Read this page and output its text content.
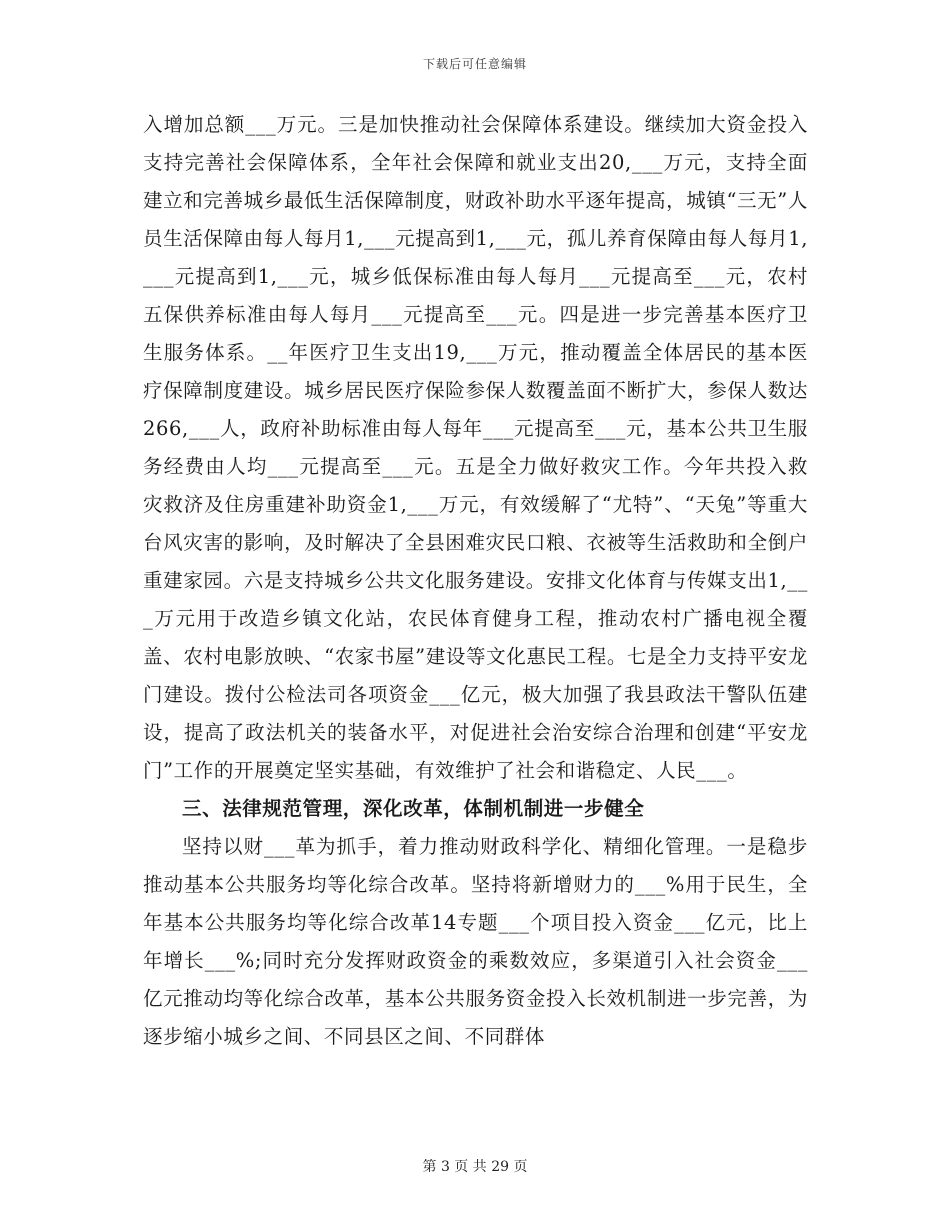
下载后可任意编辑

入增加总额___万元。三是加快推动社会保障体系建设。继续加大资金投入支持完善社会保障体系，全年社会保障和就业支出20,___万元，支持全面建立和完善城乡最低生活保障制度，财政补助水平逐年提高，城镇“三无”人员生活保障由每人每月1,___元提高到1,___元，孤儿养育保障由每人每月1,___元提高到1,___元，城乡低保标准由每人每月___元提高至___元，农村五保供养标准由每人每月___元提高至___元。四是进一步完善基本医疗卫生服务体系。__年医疗卫生支出19,___万元，推动覆盖全体居民的基本医疗保障制度建设。城乡居民医疗保险参保人数覆盖面不断扩大，参保人数达266,___人，政府补助标准由每人每年___元提高至___元，基本公共卫生服务经费由人均___元提高至___元。五是全力做好救灾工作。今年共投入救灾救济及住房重建补助资金1,___万元，有效缓解了“尤特”、“天兔”等重大台风灾害的影响，及时解决了全县困难灾民口粮、衣被等生活救助和全倒户重建家园。六是支持城乡公共文化服务建设。安排文化体育与传媒支出1,___万元用于改造乡镇文化站，农民体育健身工程，推动农村广播电视全覆盖、农村电影放映、“农家书屋”建设等文化惠民工程。七是全力支持平安龙门建设。拨付公检法司各项资金___亿元，极大加强了我县政法干警队伍建设，提高了政法机关的装备水平，对促进社会治安综合治理和创建“平安龙门”工作的开展奠定坚实基础，有效维护了社会和谐稳定、人民___。

三、法律规范管理，深化改革，体制机制进一步健全

坚持以财___革为抓手，着力推动财政科学化、精细化管理。一是稳步推动基本公共服务均等化综合改革。坚持将新增财力的___%用于民生，全年基本公共服务均等化综合改革14专题___个项目投入资金___亿元，比上年增长___%;同时充分发挥财政资金的乘数效应，多渠道引入社会资金___亿元推动均等化综合改革，基本公共服务资金投入长效机制进一步完善，为逐步缩小城乡之间、不同县区之间、不同群体

第 3 页 共 29 页
